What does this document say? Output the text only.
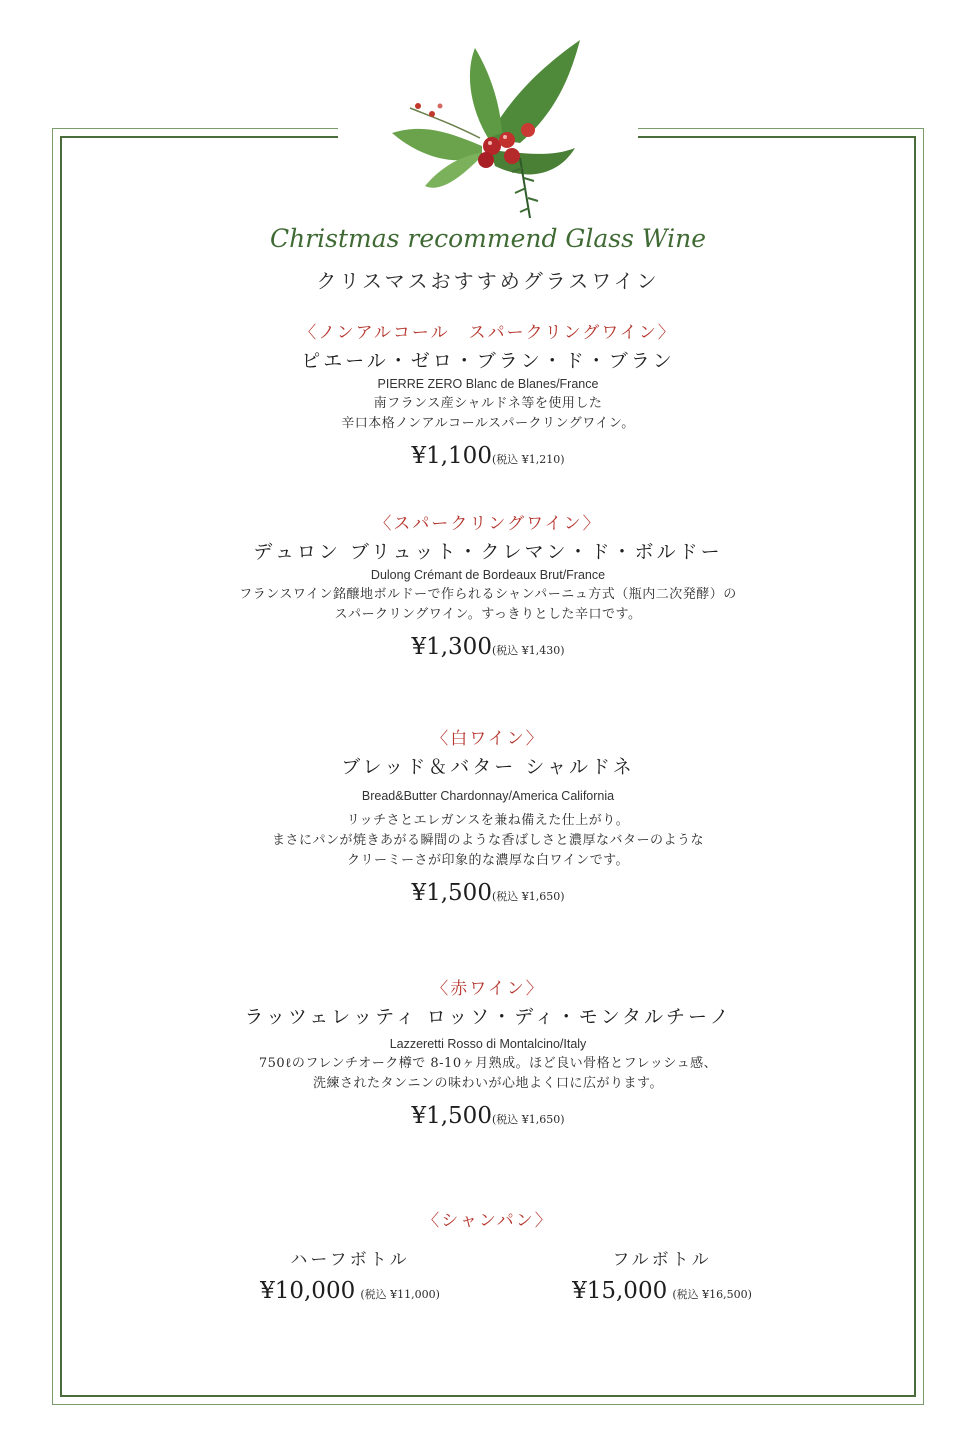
Christmas recommend Glass Wine
クリスマスおすすめグラスワイン
〈ノンアルコール　スパークリングワイン〉
ピエール・ゼロ・ブラン・ド・ブラン
PIERRE ZERO Blanc de Blanes/France
南フランス産シャルドネ等を使用した
辛口本格ノンアルコールスパークリングワイン。
¥1,100(税込 ¥1,210)
〈スパークリングワイン〉
デュロン ブリュット・クレマン・ド・ボルドー
Dulong Crémant de Bordeaux Brut/France
フランスワイン銘醸地ボルドーで作られるシャンパーニュ方式（瓶内二次発酵）の
スパークリングワイン。すっきりとした辛口です。
¥1,300(税込 ¥1,430)
〈白ワイン〉
ブレッド＆バター シャルドネ
Bread&Butter Chardonnay/America California
リッチさとエレガンスを兼ね備えた仕上がり。
まさにパンが焼きあがる瞬間のような香ばしさと濃厚なバターのような
クリーミーさが印象的な濃厚な白ワインです。
¥1,500(税込 ¥1,650)
〈赤ワイン〉
ラッツェレッティ ロッソ・ディ・モンタルチーノ
Lazzeretti Rosso di Montalcino/Italy
750ℓのフレンチオーク樽で 8-10ヶ月熟成。ほど良い骨格とフレッシュ感、
洗練されたタンニンの味わいが心地よく口に広がります。
¥1,500(税込 ¥1,650)
〈シャンパン〉
ハーフボトル
¥10,000 (税込 ¥11,000)
フルボトル
¥15,000 (税込 ¥16,500)
